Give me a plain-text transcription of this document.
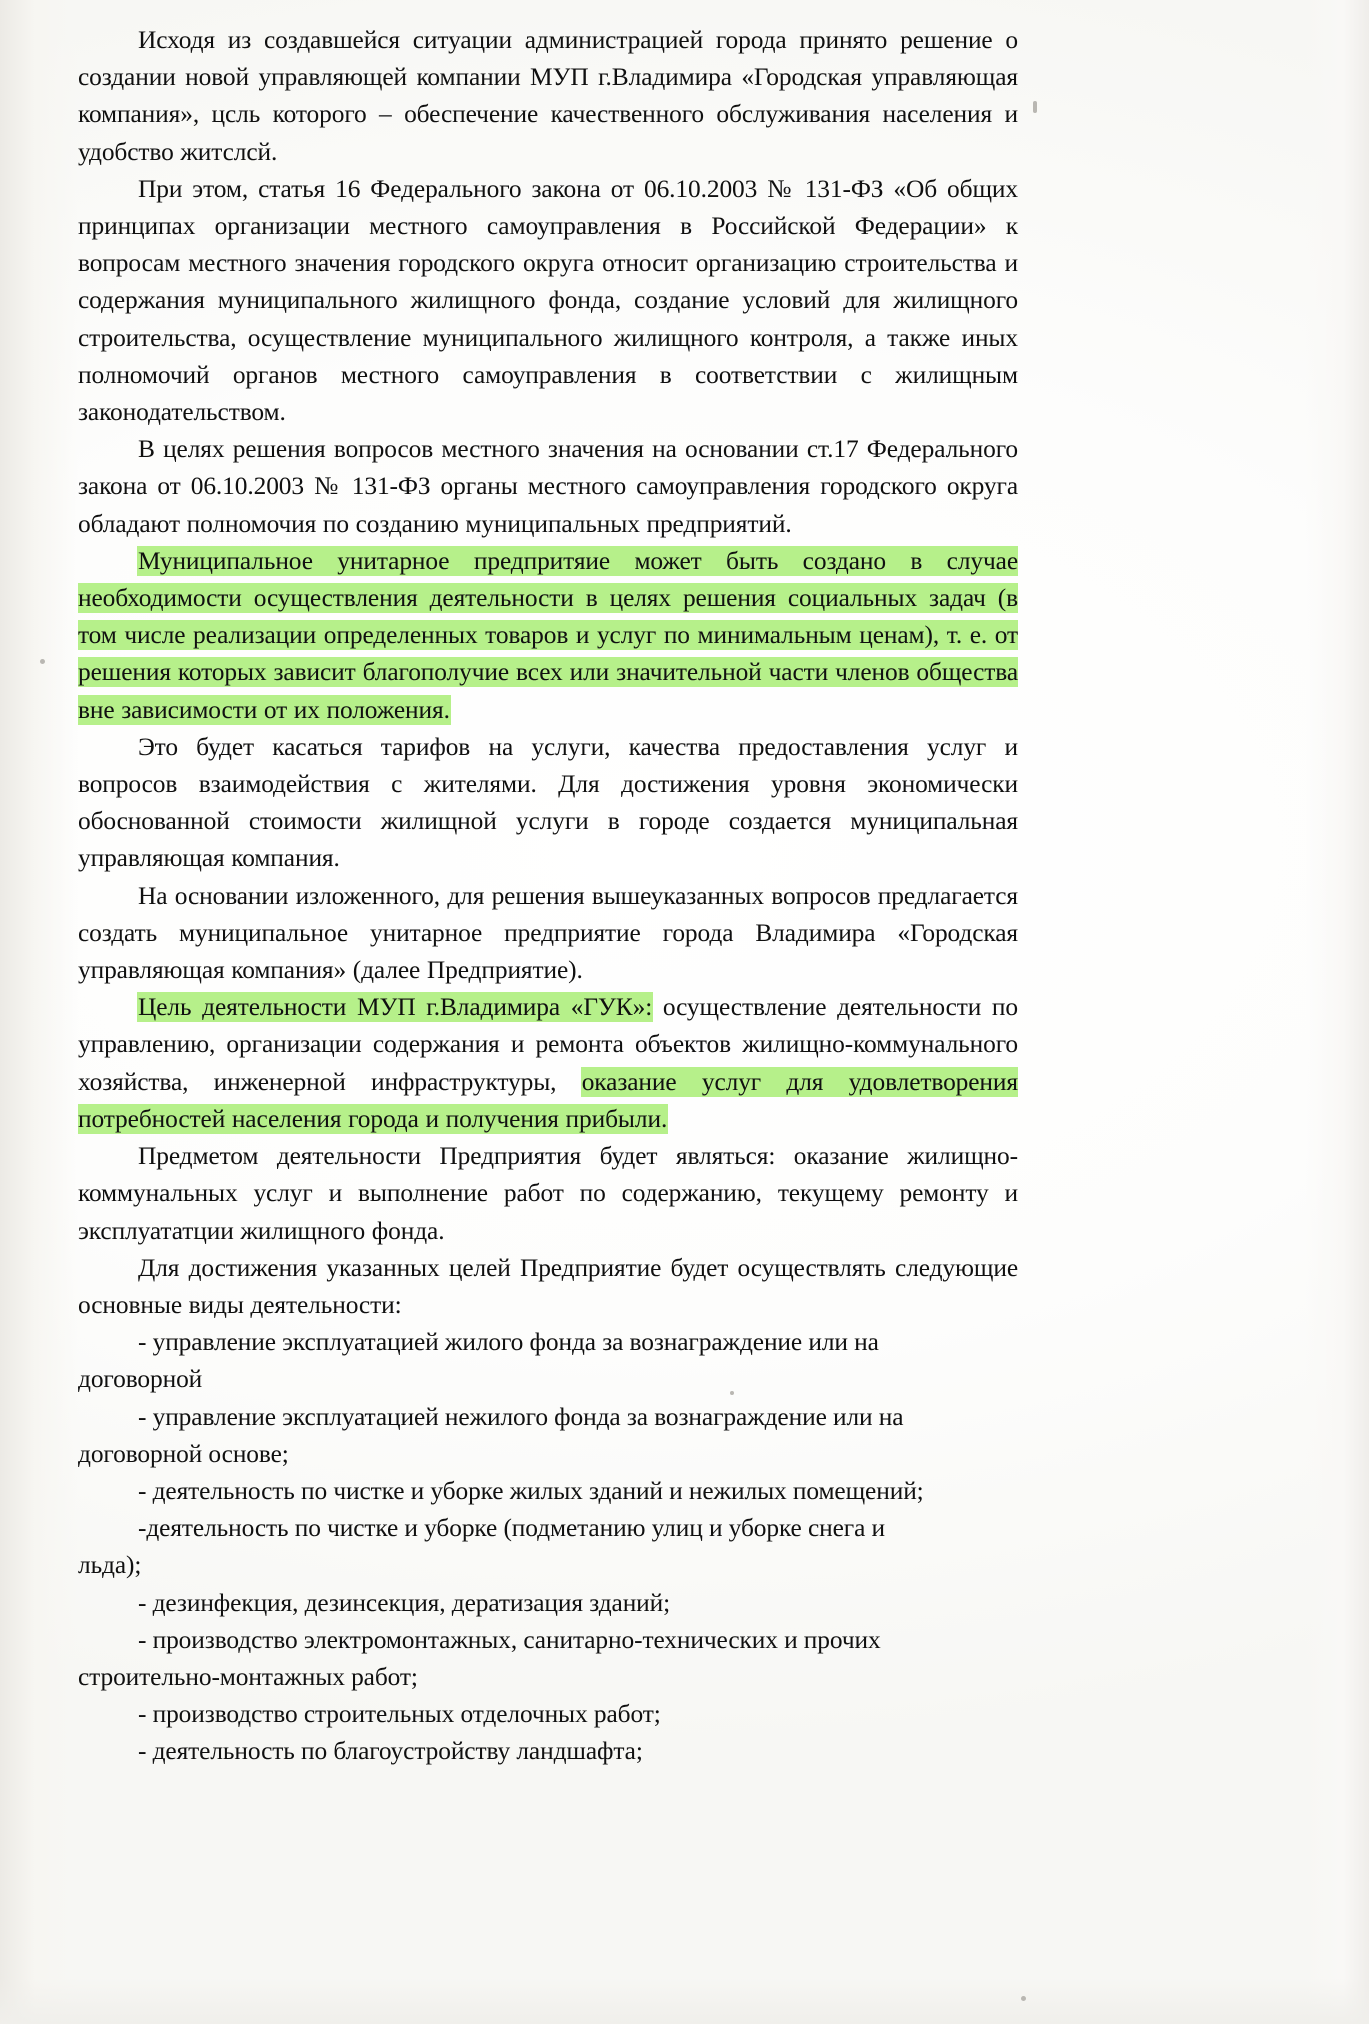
Исходя из создавшейся ситуации администрацией города принято решение о создании новой управляющей компании МУП г.Владимира «Городская управляющая компания», цсль которого – обеспечение качественного обслуживания населения и удобство житслсй.

При этом, статья 16 Федерального закона от 06.10.2003 № 131-ФЗ «Об общих принципах организации местного самоуправления в Российской Федерации» к вопросам местного значения городского округа относит организацию строительства и содержания муниципального жилищного фонда, создание условий для жилищного строительства, осуществление муниципального жилищного контроля, а также иных полномочий органов местного самоуправления в соответствии с жилищным законодательством.

В целях решения вопросов местного значения на основании ст.17 Федерального закона от 06.10.2003 № 131-ФЗ органы местного самоуправления городского округа обладают полномочия по созданию муниципальных предприятий.

Муниципальное унитарное предпритяие может быть создано в случае необходимости осуществления деятельности в целях решения социальных задач (в том числе реализации определенных товаров и услуг по минимальным ценам), т. е. от решения которых зависит благополучие всех или значительной части членов общества вне зависимости от их положения.

Это будет касаться тарифов на услуги, качества предоставления услуг и вопросов взаимодействия с жителями. Для достижения уровня экономически обоснованной стоимости жилищной услуги в городе создается муниципальная управляющая компания.

На основании изложенного, для решения вышеуказанных вопросов предлагается создать муниципальное унитарное предприятие города Владимира «Городская управляющая компания» (далее Предприятие).

Цель деятельности МУП г.Владимира «ГУК»: осуществление деятельности по управлению, организации содержания и ремонта объектов жилищно-коммунального хозяйства, инженерной инфраструктуры, оказание услуг для удовлетворения потребностей населения города и получения прибыли.

Предметом деятельности Предприятия будет являться: оказание жилищно-коммунальных услуг и выполнение работ по содержанию, текущему ремонту и эксплуататции жилищного фонда.

Для достижения указанных целей Предприятие будет осуществлять следующие основные виды деятельности:

- управление эксплуатацией жилого фонда за вознаграждение или на

договорной

- управление эксплуатацией нежилого фонда за вознаграждение или на

договорной основе;

- деятельность по чистке и уборке жилых зданий и нежилых помещений;

-деятельность по чистке и уборке (подметанию улиц и уборке снега и

льда);

- дезинфекция, дезинсекция, дератизация зданий;

- производство электромонтажных, санитарно-технических и прочих

строительно-монтажных работ;

- производство строительных отделочных работ;

- деятельность по благоустройству ландшафта;
